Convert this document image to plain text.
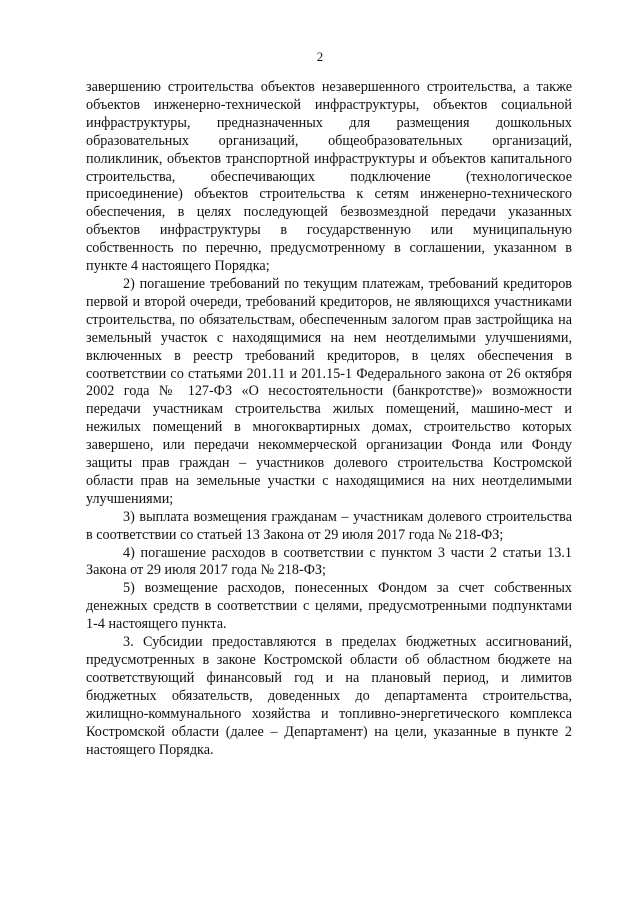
2

завершению строительства объектов незавершенного строительства, а также объектов инженерно-технической инфраструктуры, объектов социальной инфраструктуры, предназначенных для размещения дошкольных образовательных организаций, общеобразовательных организаций, поликлиник, объектов транспортной инфраструктуры и объектов капитального строительства, обеспечивающих подключение (технологическое присоединение) объектов строительства к сетям инженерно-технического обеспечения, в целях последующей безвозмездной передачи указанных объектов инфраструктуры в государственную или муниципальную собственность по перечню, предусмотренному в соглашении, указанном в пункте 4 настоящего Порядка;

2) погашение требований по текущим платежам, требований кредиторов первой и второй очереди, требований кредиторов, не являющихся участниками строительства, по обязательствам, обеспеченным залогом прав застройщика на земельный участок с находящимися на нем неотделимыми улучшениями, включенных в реестр требований кредиторов, в целях обеспечения в соответствии со статьями 201.11 и 201.15-1 Федерального закона от 26 октября 2002 года № 127-ФЗ «О несостоятельности (банкротстве)» возможности передачи участникам строительства жилых помещений, машино-мест и нежилых помещений в многоквартирных домах, строительство которых завершено, или передачи некоммерческой организации Фонда или Фонду защиты прав граждан – участников долевого строительства Костромской области прав на земельные участки с находящимися на них неотделимыми улучшениями;

3) выплата возмещения гражданам – участникам долевого строительства в соответствии со статьей 13 Закона от 29 июля 2017 года № 218-ФЗ;

4) погашение расходов в соответствии с пунктом 3 части 2 статьи 13.1 Закона от 29 июля 2017 года № 218-ФЗ;

5) возмещение расходов, понесенных Фондом за счет собственных денежных средств в соответствии с целями, предусмотренными подпунктами 1-4 настоящего пункта.

3. Субсидии предоставляются в пределах бюджетных ассигнований, предусмотренных в законе Костромской области об областном бюджете на соответствующий финансовый год и на плановый период, и лимитов бюджетных обязательств, доведенных до департамента строительства, жилищно-коммунального хозяйства и топливно-энергетического комплекса Костромской области (далее – Департамент) на цели, указанные в пункте 2 настоящего Порядка.
